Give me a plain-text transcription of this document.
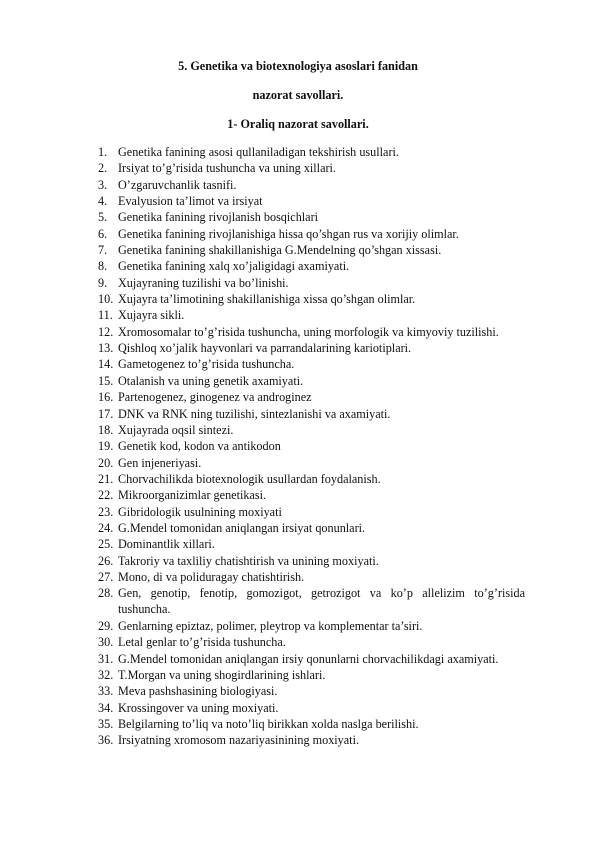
5. Genetika va biotexnologiya asoslari fanidan
nazorat savollari.
1- Oraliq nazorat savollari.
1. Genetika fanining asosi qullaniladigan tekshirish usullari.
2. Irsiyat to’g’risida tushuncha va uning xillari.
3. O’zgaruvchanlik tasnifi.
4. Evalyusion ta’limot va irsiyat
5. Genetika fanining rivojlanish bosqichlari
6. Genetika fanining rivojlanishiga hissa qo’shgan rus va xorijiy olimlar.
7. Genetika fanining shakillanishiga G.Mendelning qo’shgan xissasi.
8. Genetika fanining xalq xo’jaligidagi axamiyati.
9. Xujayraning tuzilishi va bo’linishi.
10. Xujayra ta’limotining shakillanishiga xissa qo’shgan olimlar.
11. Xujayra sikli.
12. Xromosomalar to’g’risida tushuncha, uning morfologik va kimyoviy tuzilishi.
13. Qishloq xo’jalik hayvonlari va parrandalarining kariotiplari.
14. Gametogenez to’g’risida tushuncha.
15. Otalanish va uning genetik axamiyati.
16. Partenogenez, ginogenez va androginez
17. DNK va RNK ning tuzilishi, sintezlanishi va axamiyati.
18. Xujayrada oqsil sintezi.
19. Genetik kod, kodon va antikodon
20. Gen injeneriyasi.
21. Chorvachilikda biotexnologik usullardan foydalanish.
22. Mikroorganizimlar genetikasi.
23. Gibridologik usulnining moxiyati
24. G.Mendel tomonidan aniqlangan irsiyat qonunlari.
25. Dominantlik xillari.
26. Takroriy va taxliliy chatishtirish va unining moxiyati.
27. Mono, di va poliduragay chatishtirish.
28. Gen, genotip, fenotip, gomozigot, getrozigot va ko’p allelizim to’g’risida tushuncha.
29. Genlarning epiztaz, polimer, pleytrop va komplementar ta’siri.
30. Letal genlar to’g’risida tushuncha.
31. G.Mendel tomonidan aniqlangan irsiy qonunlarni chorvachilikdagi axamiyati.
32. T.Morgan va uning shogirdlarining ishlari.
33. Meva pashshasining biologiyasi.
34. Krossingover va uning moxiyati.
35. Belgilarning to’liq va noto’liq birikkan xolda naslga berilishi.
36. Irsiyatning xromosom nazariyasinining moxiyati.
